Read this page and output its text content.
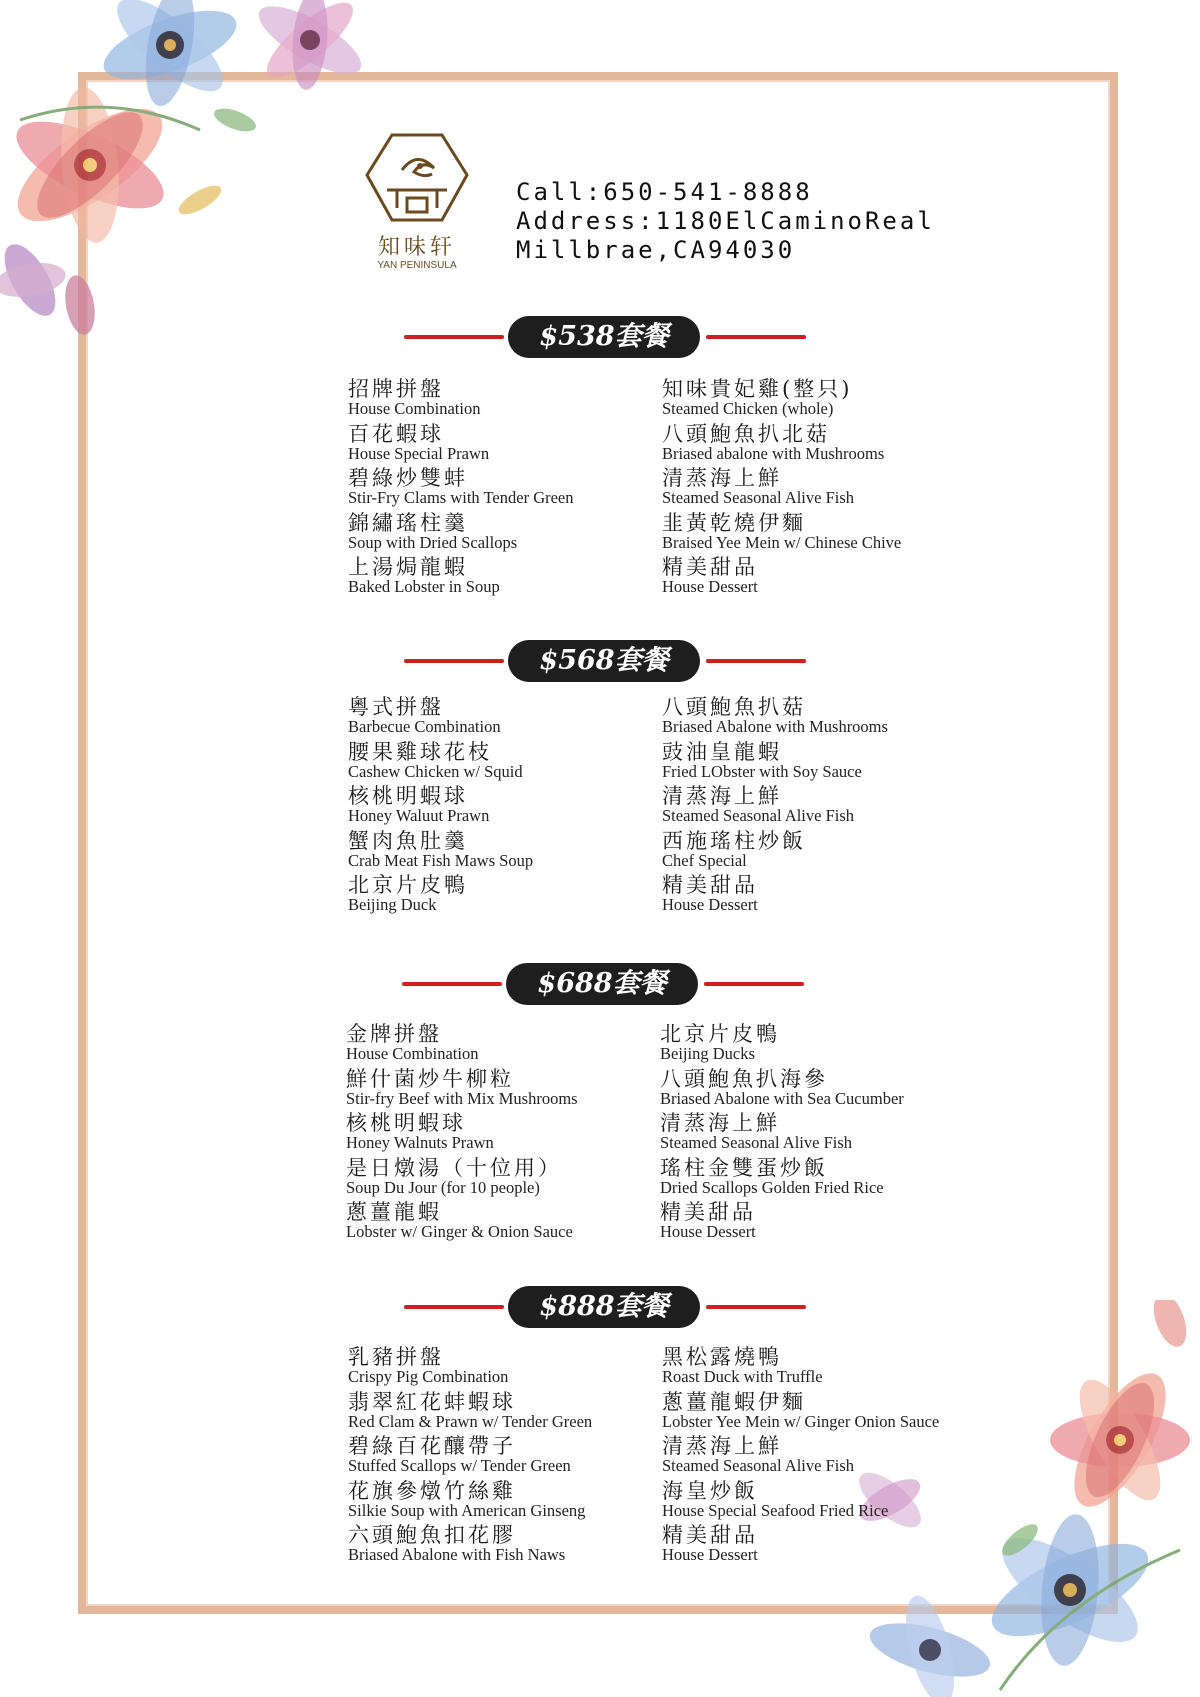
知味轩
YAN PENINSULA
Call:650-541-8888
Address:1180ElCaminoReal
Millbrae,CA94030
$538套餐
招牌拼盤
House Combination
百花蝦球
House Special Prawn
碧綠炒雙蚌
Stir-Fry Clams with Tender Green
錦繡瑤柱羹
Soup with Dried Scallops
上湯焗龍蝦
Baked Lobster in Soup
知味貴妃雞(整只)
Steamed Chicken (whole)
八頭鮑魚扒北菇
Briased abalone with Mushrooms
清蒸海上鮮
Steamed Seasonal Alive Fish
韭黃乾燒伊麵
Braised Yee Mein w/ Chinese Chive
精美甜品
House Dessert
$568套餐
粵式拼盤
Barbecue Combination
腰果雞球花枝
Cashew Chicken w/ Squid
核桃明蝦球
Honey Waluut Prawn
蟹肉魚肚羹
Crab Meat Fish Maws Soup
北京片皮鴨
Beijing Duck
八頭鮑魚扒菇
Briased Abalone with Mushrooms
豉油皇龍蝦
Fried LObster with Soy Sauce
清蒸海上鮮
Steamed Seasonal Alive Fish
西施瑤柱炒飯
Chef Special
精美甜品
House Dessert
$688套餐
金牌拼盤
House Combination
鮮什菌炒牛柳粒
Stir-fry Beef with Mix Mushrooms
核桃明蝦球
Honey Walnuts Prawn
是日燉湯（十位用）
Soup Du Jour (for 10 people)
蔥薑龍蝦
Lobster w/ Ginger & Onion Sauce
北京片皮鴨
Beijing Ducks
八頭鮑魚扒海參
Briased Abalone with Sea Cucumber
清蒸海上鮮
Steamed Seasonal Alive Fish
瑤柱金雙蛋炒飯
Dried Scallops Golden Fried Rice
精美甜品
House Dessert
$888套餐
乳豬拼盤
Crispy Pig Combination
翡翠紅花蚌蝦球
Red Clam & Prawn w/ Tender Green
碧綠百花釀帶子
Stuffed Scallops w/ Tender Green
花旗參燉竹絲雞
Silkie Soup with American Ginseng
六頭鮑魚扣花膠
Briased Abalone with Fish Naws
黑松露燒鴨
Roast Duck with Truffle
蔥薑龍蝦伊麵
Lobster Yee Mein w/ Ginger Onion Sauce
清蒸海上鮮
Steamed Seasonal Alive Fish
海皇炒飯
House Special Seafood Fried Rice
精美甜品
House Dessert
